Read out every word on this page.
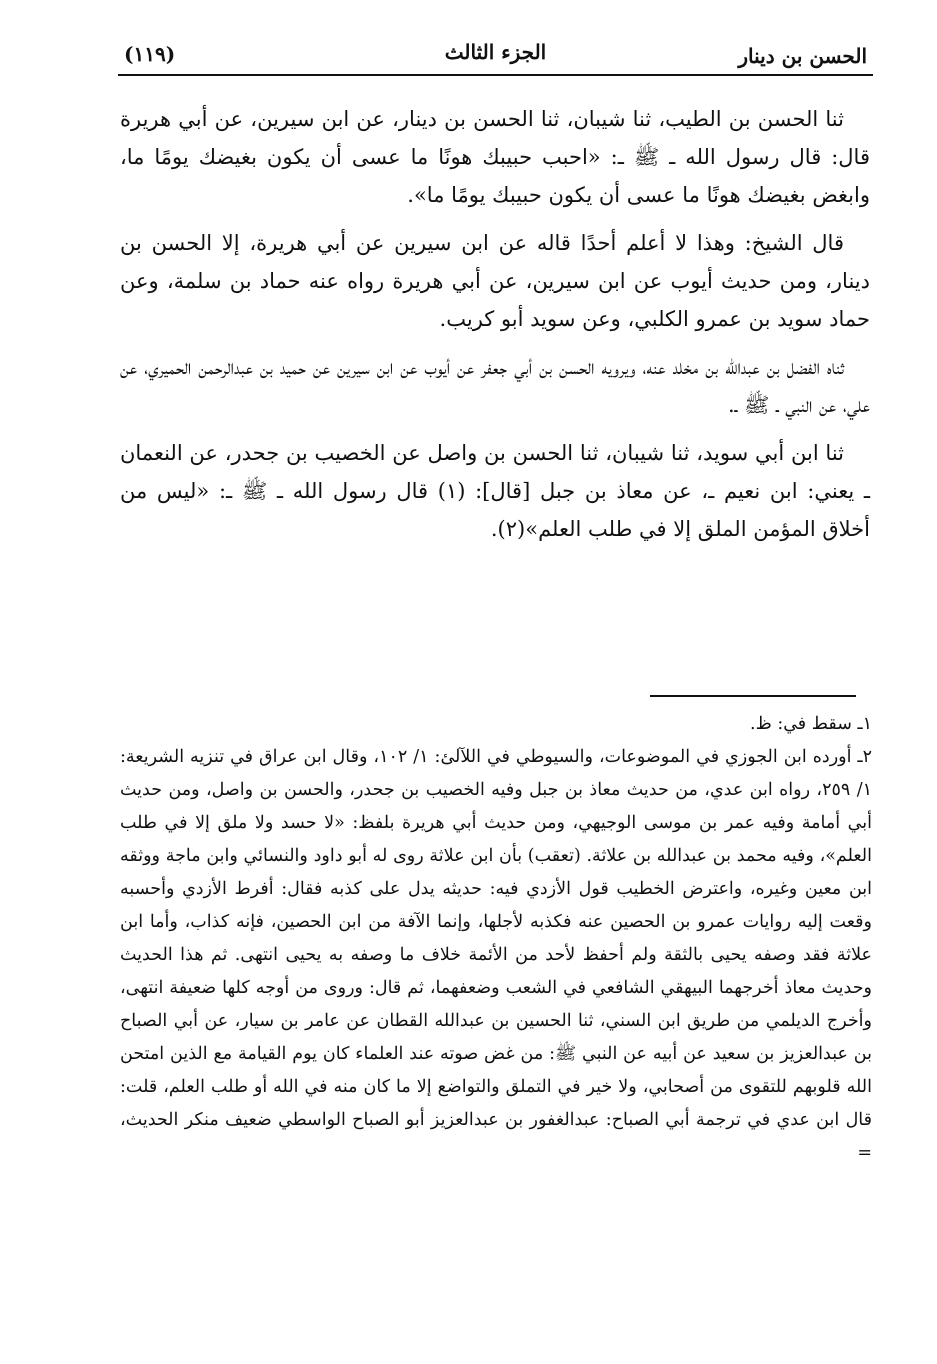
الحسن بن دينار
الجزء الثالث
(١١٩)

ثنا الحسن بن الطيب، ثنا شيبان، ثنا الحسن بن دينار، عن ابن سيرين، عن أبي هريرة قال: قال رسول الله ـ ﷺ ـ: «احبب حبيبك هونًا ما عسى أن يكون بغيضك يومًا ما، وابغض بغيضك هونًا ما عسى أن يكون حبيبك يومًا ما».

قال الشيخ: وهذا لا أعلم أحدًا قاله عن ابن سيرين عن أبي هريرة، إلا الحسن بن دينار، ومن حديث أيوب عن ابن سيرين، عن أبي هريرة رواه عنه حماد بن سلمة، وعن حماد سويد بن عمرو الكلبي، وعن سويد أبو كريب.

ثناه الفضل بن عبدالله بن مخلد عنه، ويرويه الحسن بن أبي جعفر عن أيوب عن ابن سيرين عن حميد بن عبدالرحمن الحميري، عن علي، عن النبي ـ ﷺ ـ.

ثنا ابن أبي سويد، ثنا شيبان، ثنا الحسن بن واصل عن الخصيب بن جحدر، عن النعمان ـ يعني: ابن نعيم ـ، عن معاذ بن جبل [قال]: (١) قال رسول الله ـ ﷺ ـ: «ليس من أخلاق المؤمن الملق إلا في طلب العلم»(٢).

١ـ سقط في: ظ.

٢ـ أورده ابن الجوزي في الموضوعات، والسيوطي في اللآلئ: ١/ ١٠٢، وقال ابن عراق في تنزيه الشريعة: ١/ ٢٥٩، رواه ابن عدي، من حديث معاذ بن جبل وفيه الخصيب بن جحدر، والحسن بن واصل، ومن حديث أبي أمامة وفيه عمر بن موسى الوجيهي، ومن حديث أبي هريرة بلفظ: «لا حسد ولا ملق إلا في طلب العلم»، وفيه محمد بن عبدالله بن علاثة. (تعقب) بأن ابن علاثة روى له أبو داود والنسائي وابن ماجة ووثقه ابن معين وغيره، واعترض الخطيب قول الأزدي فيه: حديثه يدل على كذبه فقال: أفرط الأزدي وأحسبه وقعت إليه روايات عمرو بن الحصين عنه فكذبه لأجلها، وإنما الآفة من ابن الحصين، فإنه كذاب، وأما ابن علاثة فقد وصفه يحيى بالثقة ولم أحفظ لأحد من الأئمة خلاف ما وصفه به يحيى انتهى. ثم هذا الحديث وحديث معاذ أخرجهما البيهقي الشافعي في الشعب وضعفهما، ثم قال: وروى من أوجه كلها ضعيفة انتهى، وأخرج الديلمي من طريق ابن السني، ثنا الحسين بن عبدالله القطان عن عامر بن سيار، عن أبي الصباح بن عبدالعزيز بن سعيد عن أبيه عن النبي ﷺ: من غض صوته عند العلماء كان يوم القيامة مع الذين امتحن الله قلوبهم للتقوى من أصحابي، ولا خير في التملق والتواضع إلا ما كان منه في الله أو طلب العلم، قلت: قال ابن عدي في ترجمة أبي الصباح: عبدالغفور بن عبدالعزيز أبو الصباح الواسطي ضعيف منكر الحديث، =
